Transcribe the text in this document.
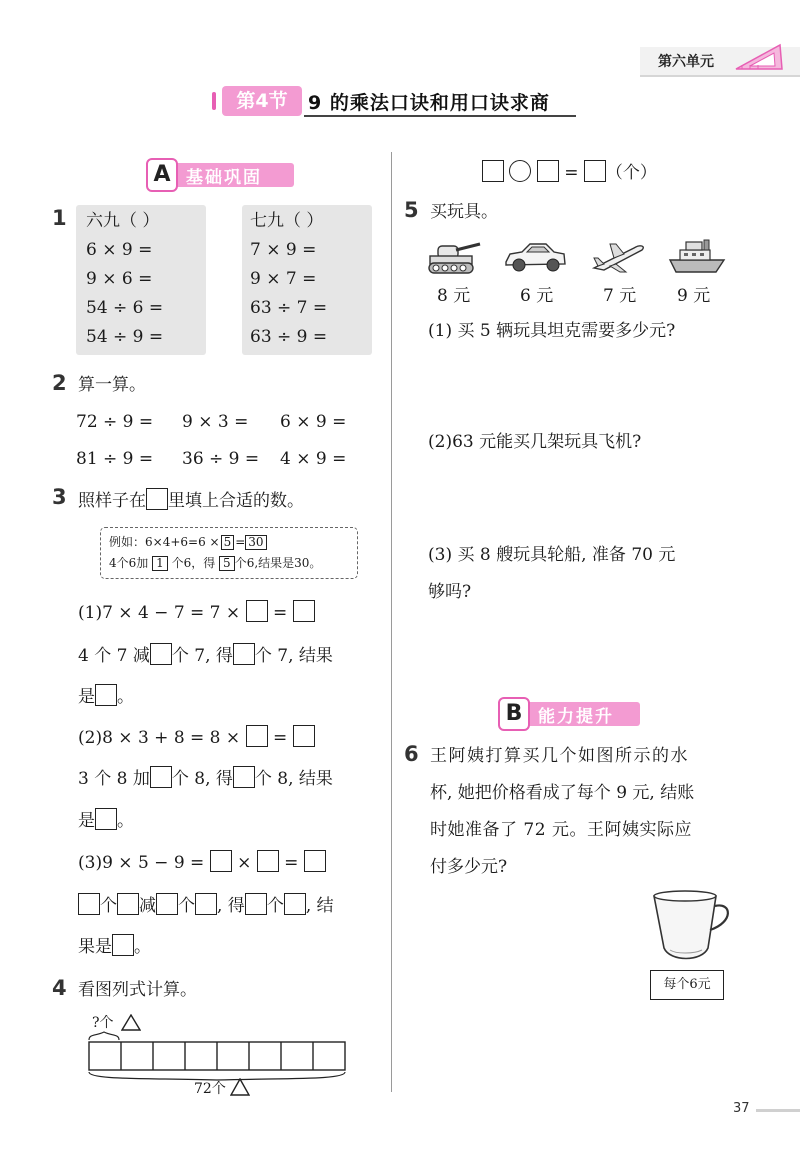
第六单元
第4节	9 的乘法口诀和用口诀求商
A 基础巩固
1 六九（ ）
6 × 9 =
9 × 6 =
54 ÷ 6 =
54 ÷ 9 =
七九（ ）
7 × 9 =
9 × 7 =
63 ÷ 7 =
63 ÷ 9 =
2 算一算。
72 ÷ 9 = 9 × 3 = 6 × 9 =
81 ÷ 9 = 36 ÷ 9 = 4 × 9 =
3 照样子在 里填上合适的数。
例如：6×4+6=6 × 5 = 30
4个6加 1 个6，得 5 个6,结果是30。
(1)7 × 4 − 7 = 7 × =
4 个 7 减 个 7, 得 个 7, 结果
是 。
(2)8 × 3 + 8 = 8 × =
3 个 8 加 个 8, 得 个 8, 结果
是 。
(3)9 × 5 − 9 = × =
个 减 个 , 得 个 , 结
果是 。
4 看图列式计算。
?个
72个
= （个）
5 买玩具。
8 元	6 元	7 元 9 元
(1) 买 5 辆玩具坦克需要多少元?
(2)63 元能买几架玩具飞机?
(3) 买 8 艘玩具轮船, 准备 70 元
够吗?
B 能力提升
6 王阿姨打算买几个如图所示的水
杯, 她把价格看成了每个 9 元, 结账
时她准备了 72 元。王阿姨实际应
付多少元?
每个6元
37
